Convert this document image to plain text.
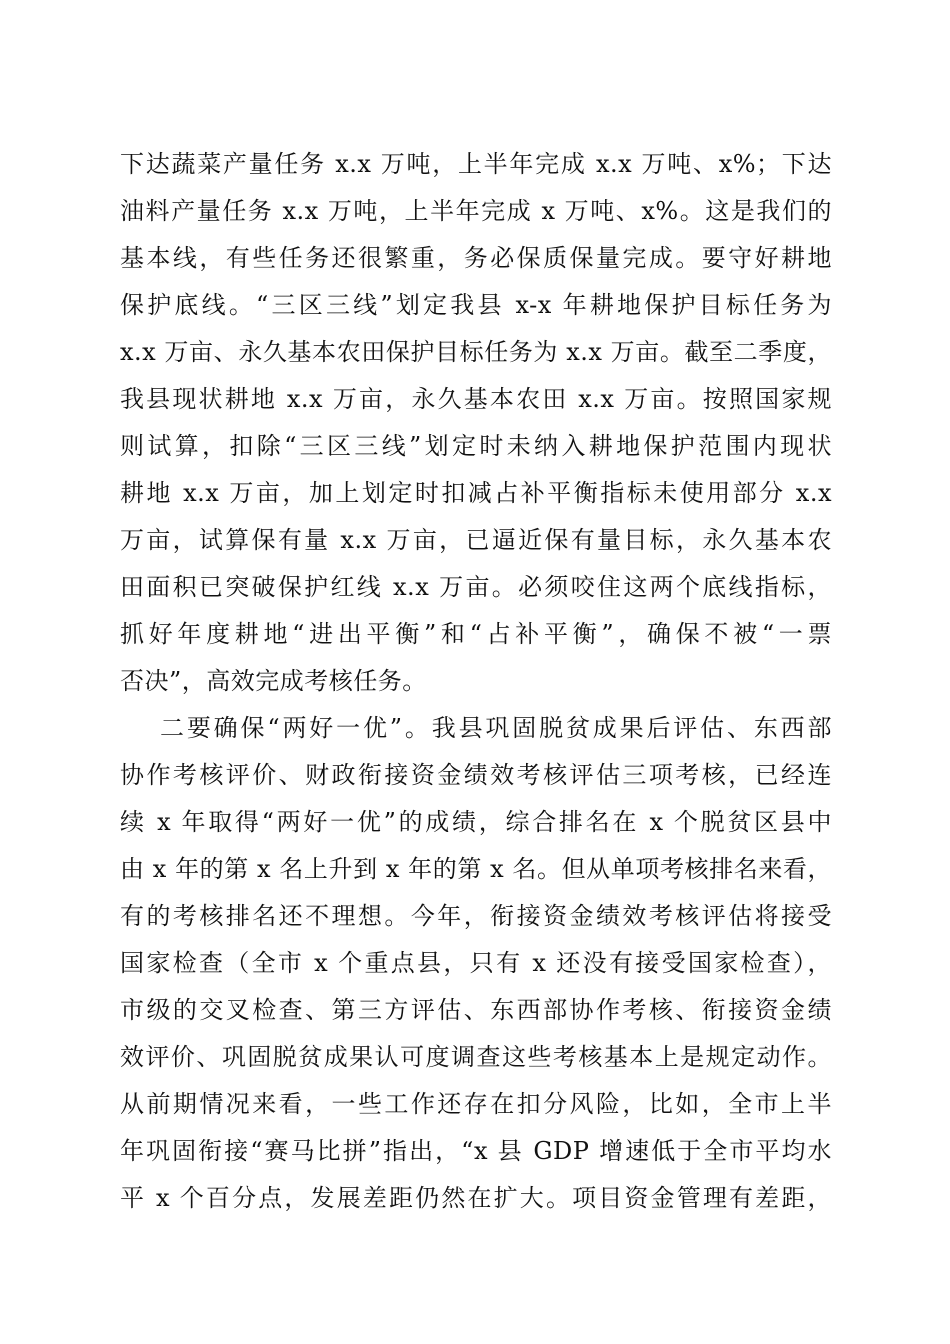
下达蔬菜产量任务 x.x 万吨，上半年完成 x.x 万吨、x%；下达
油料产量任务 x.x 万吨，上半年完成 x 万吨、x%。这是我们的
基本线，有些任务还很繁重，务必保质保量完成。要守好耕地
保护底线。“三区三线”划定我县 x-x 年耕地保护目标任务为
x.x 万亩、永久基本农田保护目标任务为 x.x 万亩。截至二季度，
我县现状耕地 x.x 万亩，永久基本农田 x.x 万亩。按照国家规
则试算，扣除“三区三线”划定时未纳入耕地保护范围内现状
耕地 x.x 万亩，加上划定时扣减占补平衡指标未使用部分 x.x
万亩，试算保有量 x.x 万亩，已逼近保有量目标，永久基本农
田面积已突破保护红线 x.x 万亩。必须咬住这两个底线指标，
抓好年度耕地“进出平衡”和“占补平衡”，确保不被“一票
否决”，高效完成考核任务。
二要确保“两好一优”。我县巩固脱贫成果后评估、东西部
协作考核评价、财政衔接资金绩效考核评估三项考核，已经连
续 x 年取得“两好一优”的成绩，综合排名在 x 个脱贫区县中
由 x 年的第 x 名上升到 x 年的第 x 名。但从单项考核排名来看，
有的考核排名还不理想。今年，衔接资金绩效考核评估将接受
国家检查（全市 x 个重点县，只有 x 还没有接受国家检查），
市级的交叉检查、第三方评估、东西部协作考核、衔接资金绩
效评价、巩固脱贫成果认可度调查这些考核基本上是规定动作。
从前期情况来看，一些工作还存在扣分风险，比如，全市上半
年巩固衔接“赛马比拼”指出，“x 县 GDP 增速低于全市平均水
平 x 个百分点，发展差距仍然在扩大。项目资金管理有差距，
